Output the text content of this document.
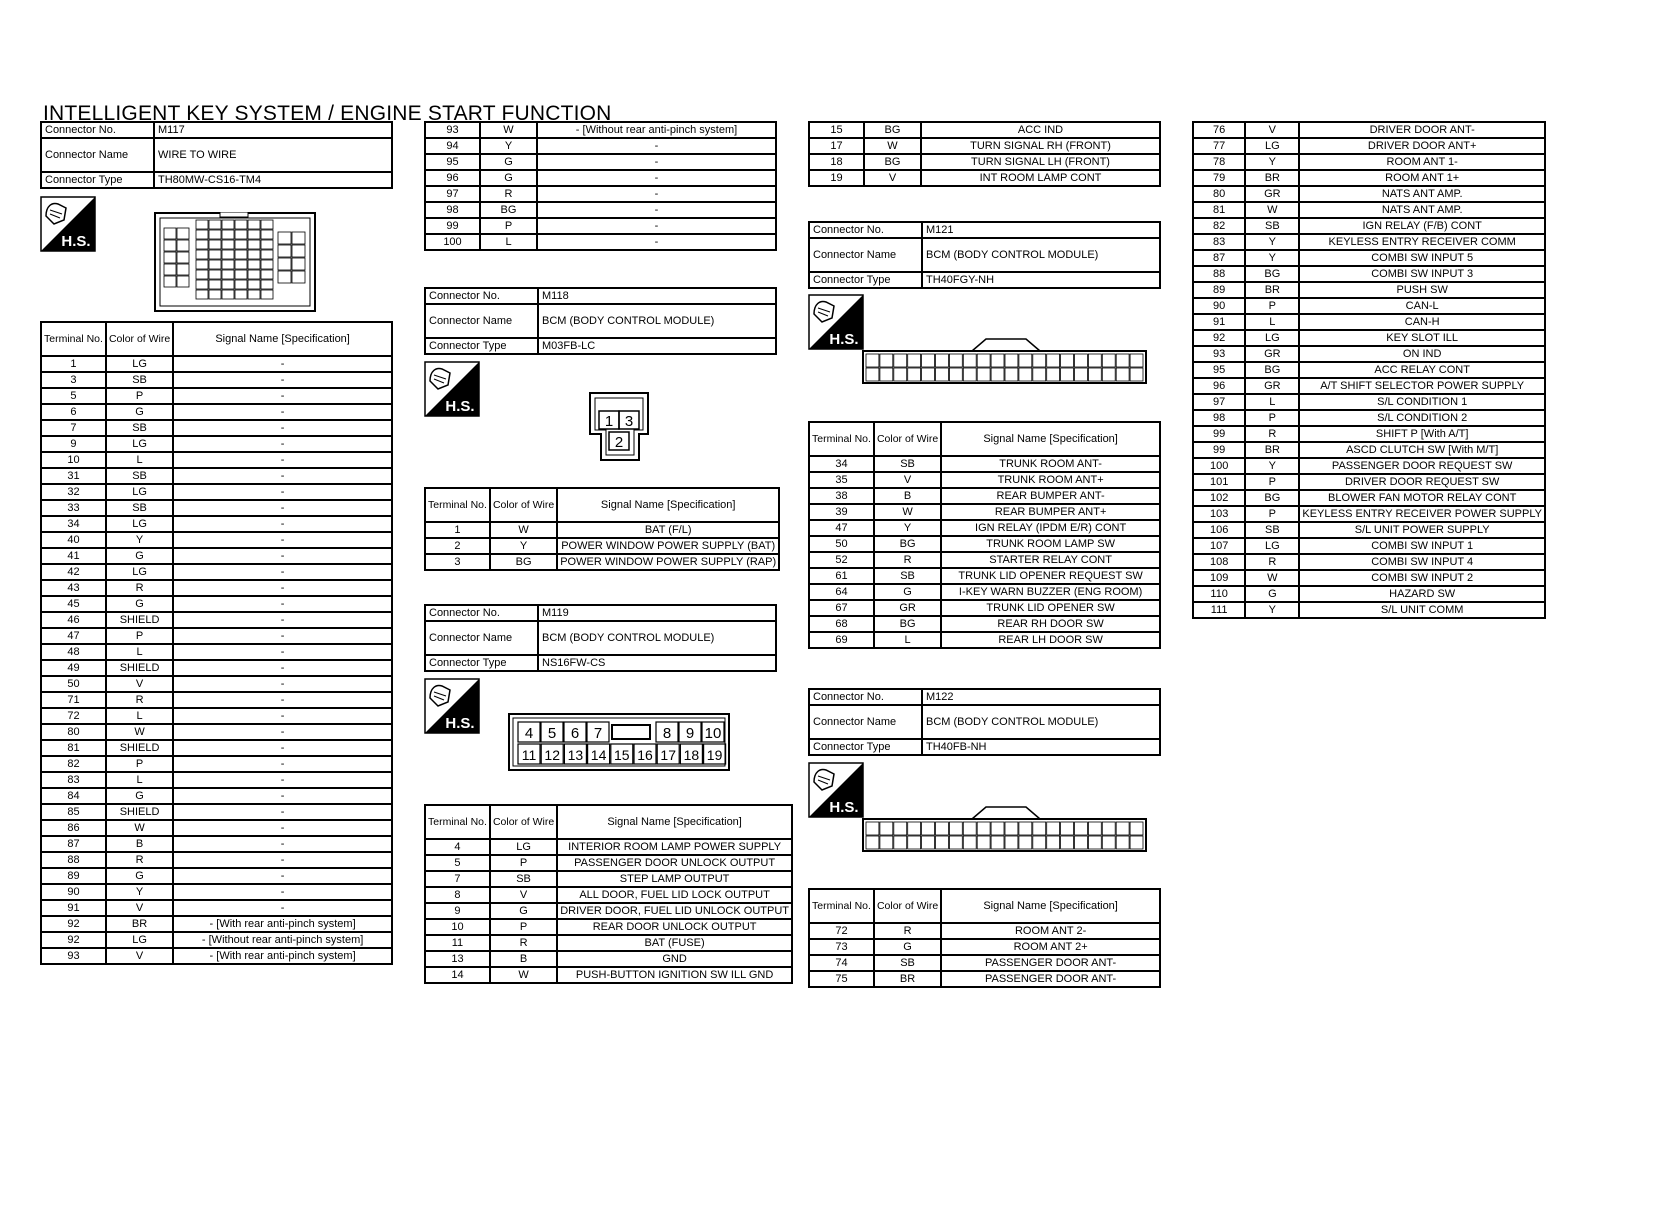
INTELLIGENT KEY SYSTEM / ENGINE START FUNCTION
Connector No.	M117
Connector Name	WIRE TO WIRE
Connector Type	TH80MW-CS16-TM4
H.S.
Terminal No.	Color of Wire	Signal Name [Specification]
1	LG	-
3	SB	-
5	P	-
6	G	-
7	SB	-
9	LG	-
10	L	-
31	SB	-
32	LG	-
33	SB	-
34	LG	-
40	Y	-
41	G	-
42	LG	-
43	R	-
45	G	-
46	SHIELD	-
47	P	-
48	L	-
49	SHIELD	-
50	V	-
71	R	-
72	L	-
80	W	-
81	SHIELD	-
82	P	-
83	L	-
84	G	-
85	SHIELD	-
86	W	-
87	B	-
88	R	-
89	G	-
90	Y	-
91	V	-
92	BR	- [With rear anti-pinch system]
92	LG	- [Without rear anti-pinch system]
93	V	- [With rear anti-pinch system]
93	W	- [Without rear anti-pinch system]
94	Y	-
95	G	-
96	G	-
97	R	-
98	BG	-
99	P	-
100	L	-
Connector No.	M118
Connector Name	BCM (BODY CONTROL MODULE)
Connector Type	M03FB-LC
H.S.
1 3
2
Terminal No.	Color of Wire	Signal Name [Specification]
1	W	BAT (F/L)
2	Y	POWER WINDOW POWER SUPPLY (BAT)
3	BG	POWER WINDOW POWER SUPPLY (RAP)
Connector No.	M119
Connector Name	BCM (BODY CONTROL MODULE)
Connector Type	NS16FW-CS
H.S.
4 5 6 7	8 9 10
11 12 13 14 15 16 17 18 19
Terminal No.	Color of Wire	Signal Name [Specification]
4	LG	INTERIOR ROOM LAMP POWER SUPPLY
5	P	PASSENGER DOOR UNLOCK OUTPUT
7	SB	STEP LAMP OUTPUT
8	V	ALL DOOR, FUEL LID LOCK OUTPUT
9	G	DRIVER DOOR, FUEL LID UNLOCK OUTPUT
10	P	REAR DOOR UNLOCK OUTPUT
11	R	BAT (FUSE)
13	B	GND
14	W	PUSH-BUTTON IGNITION SW ILL GND
15	BG	ACC IND
17	W	TURN SIGNAL RH (FRONT)
18	BG	TURN SIGNAL LH (FRONT)
19	V	INT ROOM LAMP CONT
Connector No.	M121
Connector Name	BCM (BODY CONTROL MODULE)
Connector Type	TH40FGY-NH
H.S.
Terminal No.	Color of Wire	Signal Name [Specification]
34	SB	TRUNK ROOM ANT-
35	V	TRUNK ROOM ANT+
38	B	REAR BUMPER ANT-
39	W	REAR BUMPER ANT+
47	Y	IGN RELAY (IPDM E/R) CONT
50	BG	TRUNK ROOM LAMP SW
52	R	STARTER RELAY CONT
61	SB	TRUNK LID OPENER REQUEST SW
64	G	I-KEY WARN BUZZER (ENG ROOM)
67	GR	TRUNK LID OPENER SW
68	BG	REAR RH DOOR SW
69	L	REAR LH DOOR SW
Connector No.	M122
Connector Name	BCM (BODY CONTROL MODULE)
Connector Type	TH40FB-NH
H.S.
Terminal No.	Color of Wire	Signal Name [Specification]
72	R	ROOM ANT 2-
73	G	ROOM ANT 2+
74	SB	PASSENGER DOOR ANT-
75	BR	PASSENGER DOOR ANT-
76	V	DRIVER DOOR ANT-
77	LG	DRIVER DOOR ANT+
78	Y	ROOM ANT 1-
79	BR	ROOM ANT 1+
80	GR	NATS ANT AMP.
81	W	NATS ANT AMP.
82	SB	IGN RELAY (F/B) CONT
83	Y	KEYLESS ENTRY RECEIVER COMM
87	Y	COMBI SW INPUT 5
88	BG	COMBI SW INPUT 3
89	BR	PUSH SW
90	P	CAN-L
91	L	CAN-H
92	LG	KEY SLOT ILL
93	GR	ON IND
95	BG	ACC RELAY CONT
96	GR	A/T SHIFT SELECTOR POWER SUPPLY
97	L	S/L CONDITION 1
98	P	S/L CONDITION 2
99	R	SHIFT P [With A/T]
99	BR	ASCD CLUTCH SW [With M/T]
100	Y	PASSENGER DOOR REQUEST SW
101	P	DRIVER DOOR REQUEST SW
102	BG	BLOWER FAN MOTOR RELAY CONT
103	P	KEYLESS ENTRY RECEIVER POWER SUPPLY
106	SB	S/L UNIT POWER SUPPLY
107	LG	COMBI SW INPUT 1
108	R	COMBI SW INPUT 4
109	W	COMBI SW INPUT 2
110	G	HAZARD SW
111	Y	S/L UNIT COMM
